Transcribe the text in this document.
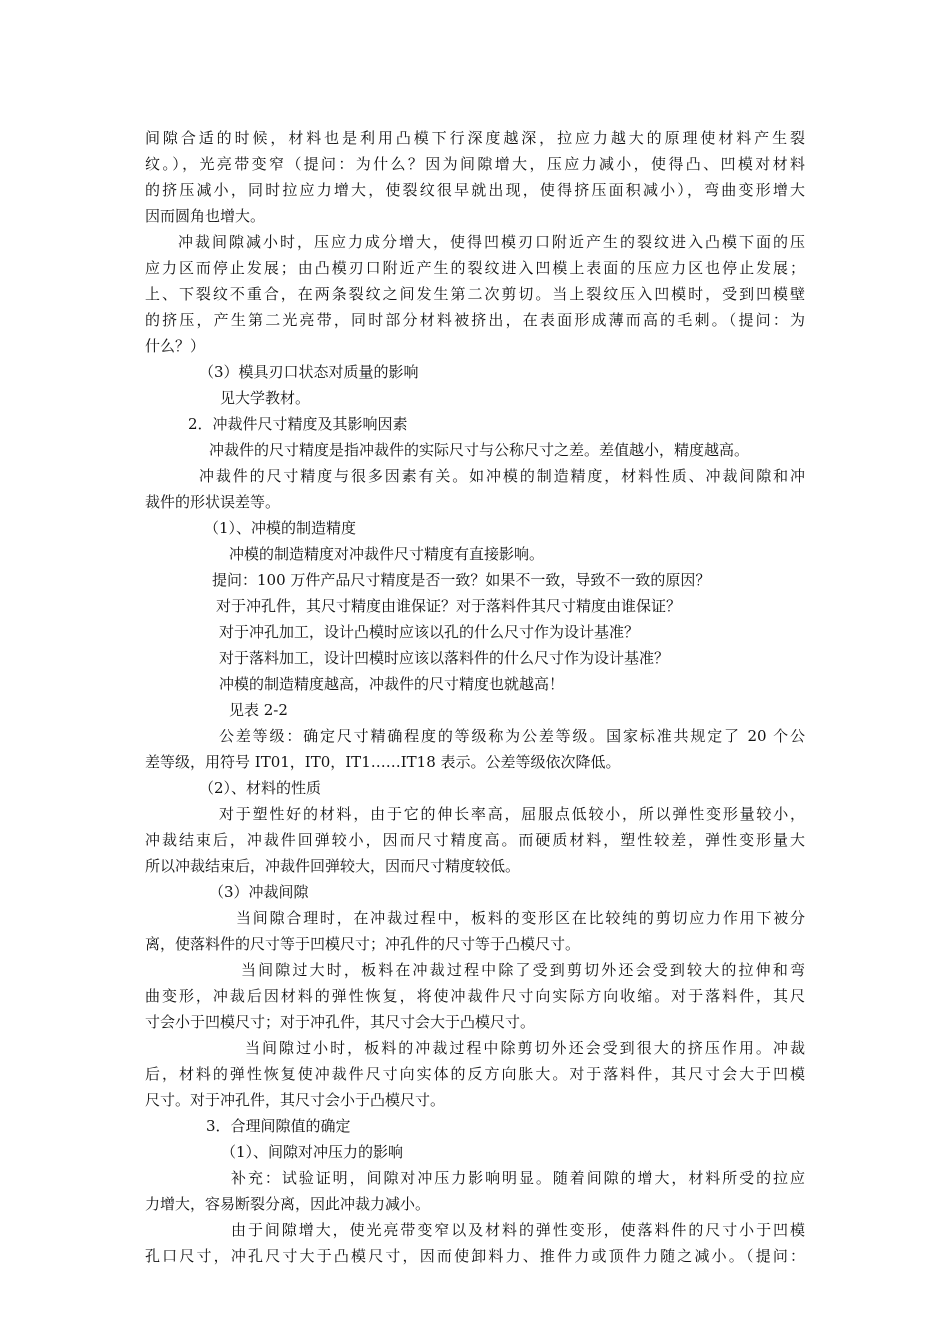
间隙合适的时候，材料也是利用凸模下行深度越深，拉应力越大的原理使材料产生裂
纹。），光亮带变窄（提问：为什么？因为间隙增大，压应力减小，使得凸、凹模对材料
的挤压减小，同时拉应力增大，使裂纹很早就出现，使得挤压面积减小），弯曲变形增大
因而圆角也增大。
冲裁间隙减小时，压应力成分增大，使得凹模刃口附近产生的裂纹进入凸模下面的压
应力区而停止发展；由凸模刃口附近产生的裂纹进入凹模上表面的压应力区也停止发展；
上、下裂纹不重合，在两条裂纹之间发生第二次剪切。当上裂纹压入凹模时，受到凹模壁
的挤压，产生第二光亮带，同时部分材料被挤出，在表面形成薄而高的毛刺。（提问：为
什么？）
（3）模具刃口状态对质量的影响
见大学教材。
2．冲裁件尺寸精度及其影响因素
冲裁件的尺寸精度是指冲裁件的实际尺寸与公称尺寸之差。差值越小，精度越高。
冲裁件的尺寸精度与很多因素有关。如冲模的制造精度，材料性质、冲裁间隙和冲
裁件的形状误差等。
（1）、冲模的制造精度
冲模的制造精度对冲裁件尺寸精度有直接影响。
提问：100 万件产品尺寸精度是否一致？如果不一致，导致不一致的原因？
对于冲孔件，其尺寸精度由谁保证？对于落料件其尺寸精度由谁保证？
对于冲孔加工，设计凸模时应该以孔的什么尺寸作为设计基准？
对于落料加工，设计凹模时应该以落料件的什么尺寸作为设计基准？
冲模的制造精度越高，冲裁件的尺寸精度也就越高！
见表 2-2
公差等级：确定尺寸精确程度的等级称为公差等级。国家标准共规定了 20 个公
差等级，用符号 IT01，IT0，IT1……IT18 表示。公差等级依次降低。
（2）、材料的性质
对于塑性好的材料，由于它的伸长率高，屈服点低较小，所以弹性变形量较小，
冲裁结束后，冲裁件回弹较小，因而尺寸精度高。而硬质材料，塑性较差，弹性变形量大
所以冲裁结束后，冲裁件回弹较大，因而尺寸精度较低。
（3）冲裁间隙
当间隙合理时，在冲裁过程中，板料的变形区在比较纯的剪切应力作用下被分
离，使落料件的尺寸等于凹模尺寸；冲孔件的尺寸等于凸模尺寸。
当间隙过大时，板料在冲裁过程中除了受到剪切外还会受到较大的拉伸和弯
曲变形，冲裁后因材料的弹性恢复，将使冲裁件尺寸向实际方向收缩。对于落料件，其尺
寸会小于凹模尺寸；对于冲孔件，其尺寸会大于凸模尺寸。
当间隙过小时，板料的冲裁过程中除剪切外还会受到很大的挤压作用。冲裁
后，材料的弹性恢复使冲裁件尺寸向实体的反方向胀大。对于落料件，其尺寸会大于凹模
尺寸。对于冲孔件，其尺寸会小于凸模尺寸。
3．合理间隙值的确定
（1）、间隙对冲压力的影响
补充：试验证明，间隙对冲压力影响明显。随着间隙的增大，材料所受的拉应
力增大，容易断裂分离，因此冲裁力减小。
由于间隙增大，使光亮带变窄以及材料的弹性变形，使落料件的尺寸小于凹模
孔口尺寸，冲孔尺寸大于凸模尺寸，因而使卸料力、推件力或顶件力随之减小。（提问：
